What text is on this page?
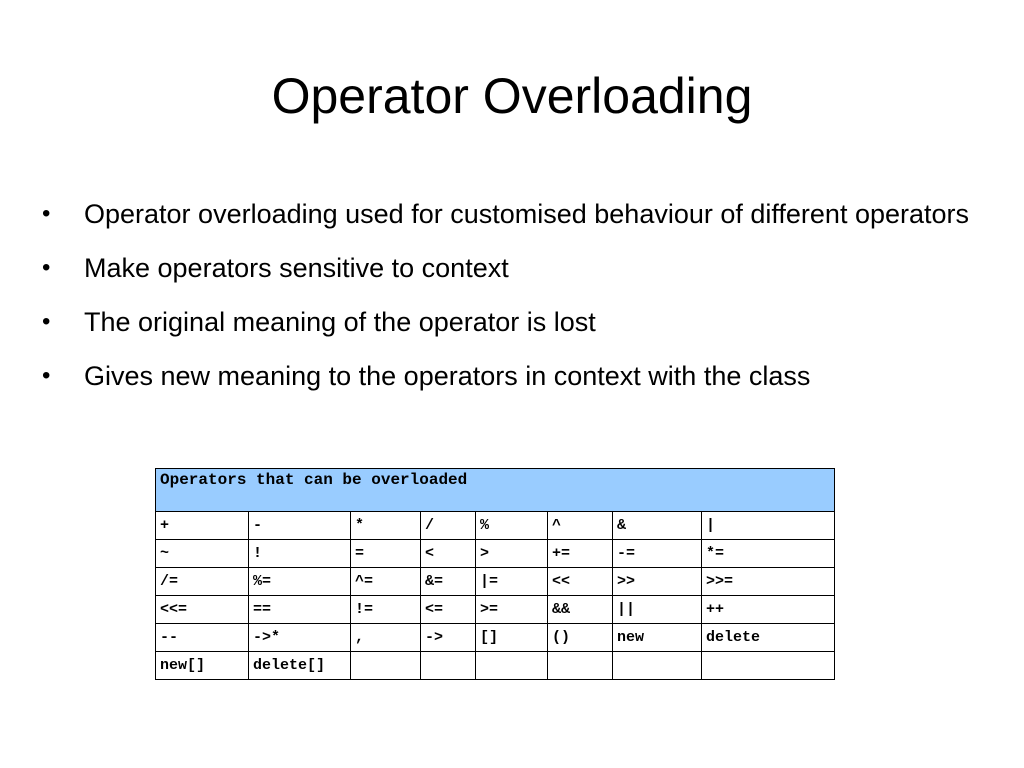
Operator Overloading
•	Operator overloading used for customised behaviour of different operators
•	Make operators sensitive to context
•	The original meaning of the operator is lost
•	Gives new meaning to the operators in context with the class
Operators that can be overloaded							
+	-	*	/	%	^	&	|
~	!	=	<	>	+=	-=	*=
/=	%=	^=	&=	|=	<<	>>	>>=
<<=	==	!=	<=	>=	&&	||	++
--	->*	,	->	[]	()	new	delete
new[]	delete[]						
